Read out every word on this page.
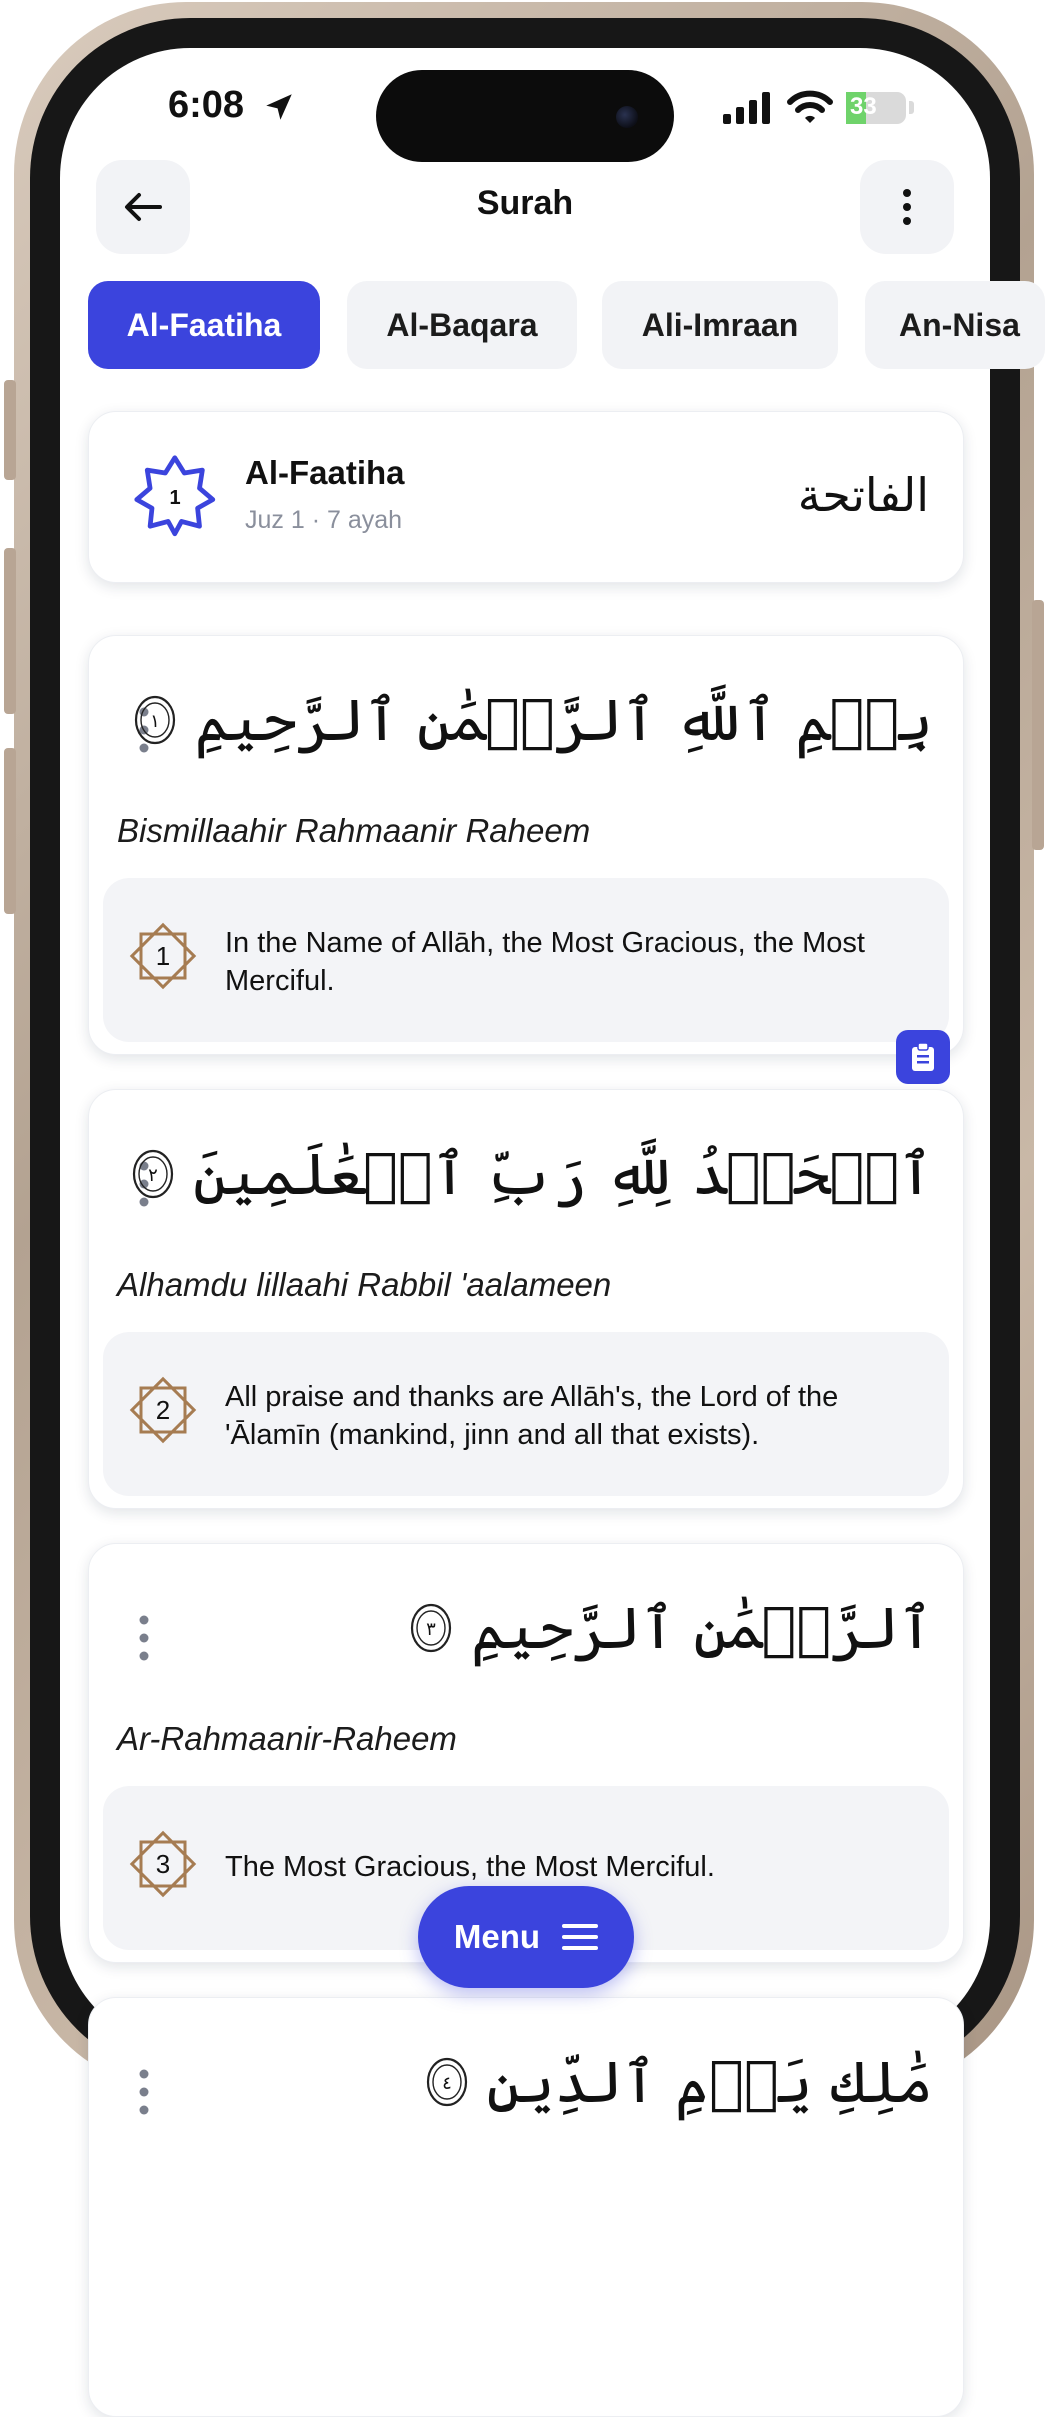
6:08	33
Surah
Al-Faatiha	Al-Baqara	Ali-Imraan	An-Nisa
1
Al-Faatiha
Juz 1 · 7 ayah	الفاتحة
بِسۡمِ ٱللَّهِ ٱلرَّحۡمَٰنِ ٱلرَّحِيمِ
١
Bismillaahir Rahmaanir Raheem
1 In the Name of Allāh, the Most Gracious, the Most Merciful.
ٱلۡحَمۡدُ لِلَّهِ رَبِّ ٱلۡعَٰلَمِينَ
٢
Alhamdu lillaahi Rabbil 'aalameen
2 All praise and thanks are Allāh's, the Lord of the 'Ālamīn (mankind, jinn and all that exists).
ٱلرَّحۡمَٰنِ ٱلرَّحِيمِ
٣
Ar-Rahmaanir-Raheem
3 The Most Gracious, the Most Merciful.
مَٰلِكِ يَوۡمِ ٱلدِّينِ
٤
Menu
